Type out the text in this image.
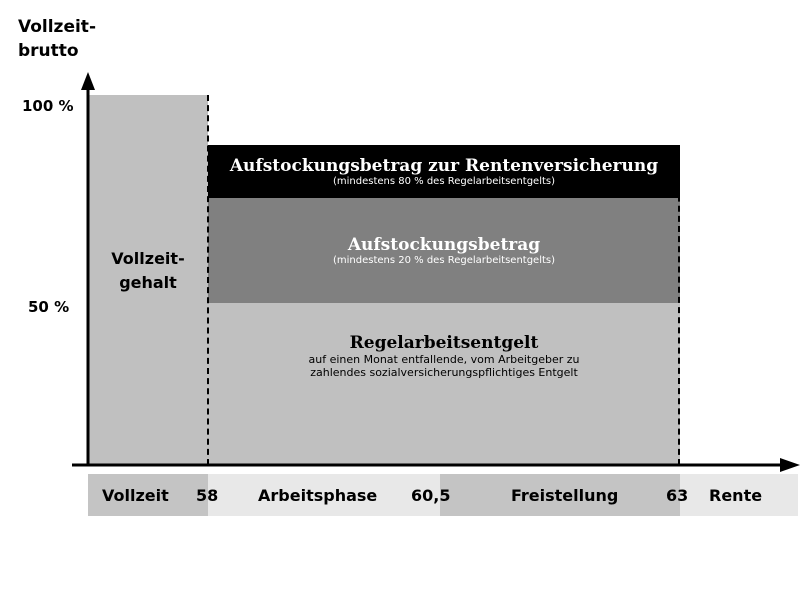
Vollzeit-
brutto
100 %
50 %
Vollzeit-
gehalt
Aufstockungsbetrag zur Rentenversicherung
(mindestens 80 % des Regelarbeitsentgelts)
Aufstockungsbetrag
(mindestens 20 % des Regelarbeitsentgelts)
Regelarbeitsentgelt
auf einen Monat entfallende, vom Arbeitgeber zu
zahlendes sozialversicherungspflichtiges Entgelt
Vollzeit 58 Arbeitsphase 60,5	Freistellung	63 Rente
